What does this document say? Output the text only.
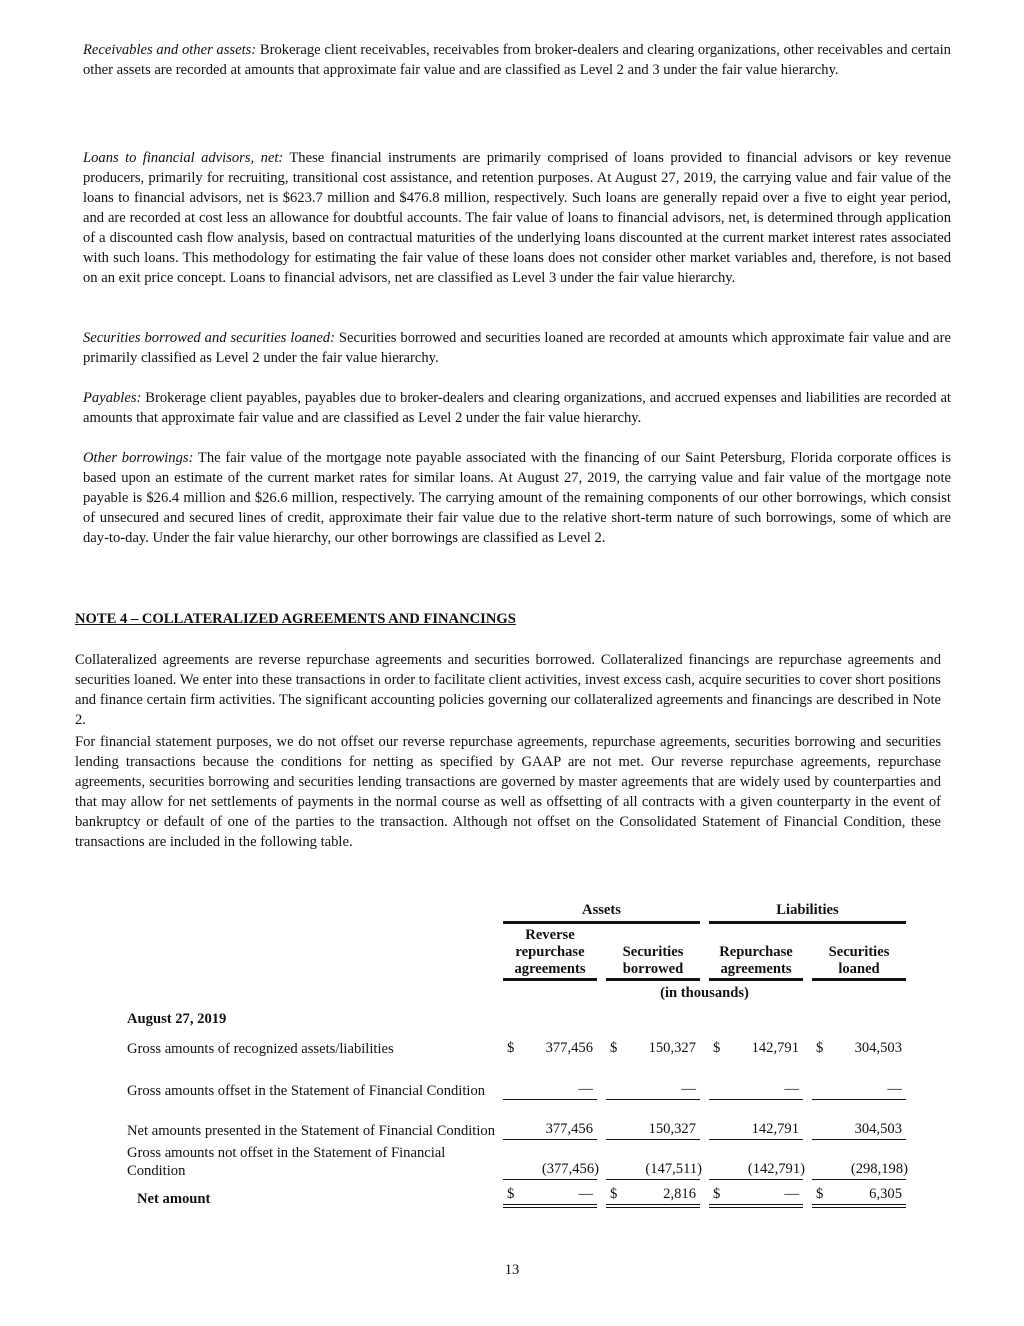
Receivables and other assets: Brokerage client receivables, receivables from broker-dealers and clearing organizations, other receivables and certain other assets are recorded at amounts that approximate fair value and are classified as Level 2 and 3 under the fair value hierarchy.

Loans to financial advisors, net: These financial instruments are primarily comprised of loans provided to financial advisors or key revenue producers, primarily for recruiting, transitional cost assistance, and retention purposes. At August 27, 2019, the carrying value and fair value of the loans to financial advisors, net is $623.7 million and $476.8 million, respectively. Such loans are generally repaid over a five to eight year period, and are recorded at cost less an allowance for doubtful accounts. The fair value of loans to financial advisors, net, is determined through application of a discounted cash flow analysis, based on contractual maturities of the underlying loans discounted at the current market interest rates associated with such loans. This methodology for estimating the fair value of these loans does not consider other market variables and, therefore, is not based on an exit price concept. Loans to financial advisors, net are classified as Level 3 under the fair value hierarchy.

Securities borrowed and securities loaned: Securities borrowed and securities loaned are recorded at amounts which approximate fair value and are primarily classified as Level 2 under the fair value hierarchy.

Payables: Brokerage client payables, payables due to broker-dealers and clearing organizations, and accrued expenses and liabilities are recorded at amounts that approximate fair value and are classified as Level 2 under the fair value hierarchy.

Other borrowings: The fair value of the mortgage note payable associated with the financing of our Saint Petersburg, Florida corporate offices is based upon an estimate of the current market rates for similar loans. At August 27, 2019, the carrying value and fair value of the mortgage note payable is $26.4 million and $26.6 million, respectively. The carrying amount of the remaining components of our other borrowings, which consist of unsecured and secured lines of credit, approximate their fair value due to the relative short-term nature of such borrowings, some of which are day-to-day. Under the fair value hierarchy, our other borrowings are classified as Level 2.

NOTE 4 – COLLATERALIZED AGREEMENTS AND FINANCINGS

Collateralized agreements are reverse repurchase agreements and securities borrowed. Collateralized financings are repurchase agreements and securities loaned. We enter into these transactions in order to facilitate client activities, invest excess cash, acquire securities to cover short positions and finance certain firm activities. The significant accounting policies governing our collateralized agreements and financings are described in Note 2.

For financial statement purposes, we do not offset our reverse repurchase agreements, repurchase agreements, securities borrowing and securities lending transactions because the conditions for netting as specified by GAAP are not met. Our reverse repurchase agreements, repurchase agreements, securities borrowing and securities lending transactions are governed by master agreements that are widely used by counterparties and that may allow for net settlements of payments in the normal course as well as offsetting of all contracts with a given counterparty in the event of bankruptcy or default of one of the parties to the transaction. Although not offset on the Consolidated Statement of Financial Condition, these transactions are included in the following table.

	Assets				Liabilities		
	Reverse repurchase agreements		Securities borrowed		Repurchase agreements		Securities loaned
	(in thousands)						
August 27, 2019							
Gross amounts of recognized assets/liabilities	$ 377,456		$ 150,327		$ 142,791		$ 304,503

Gross amounts offset in the Statement of Financial Condition	—		—		—		—

Net amounts presented in the Statement of Financial Condition	377,456		150,327		142,791		304,503

Gross amounts not offset in the Statement of Financial Condition	(377,456)		(147,511)		(142,791)		(298,198)

Net amount	$ —		$ 2,816		$ —		$ 6,305
13
